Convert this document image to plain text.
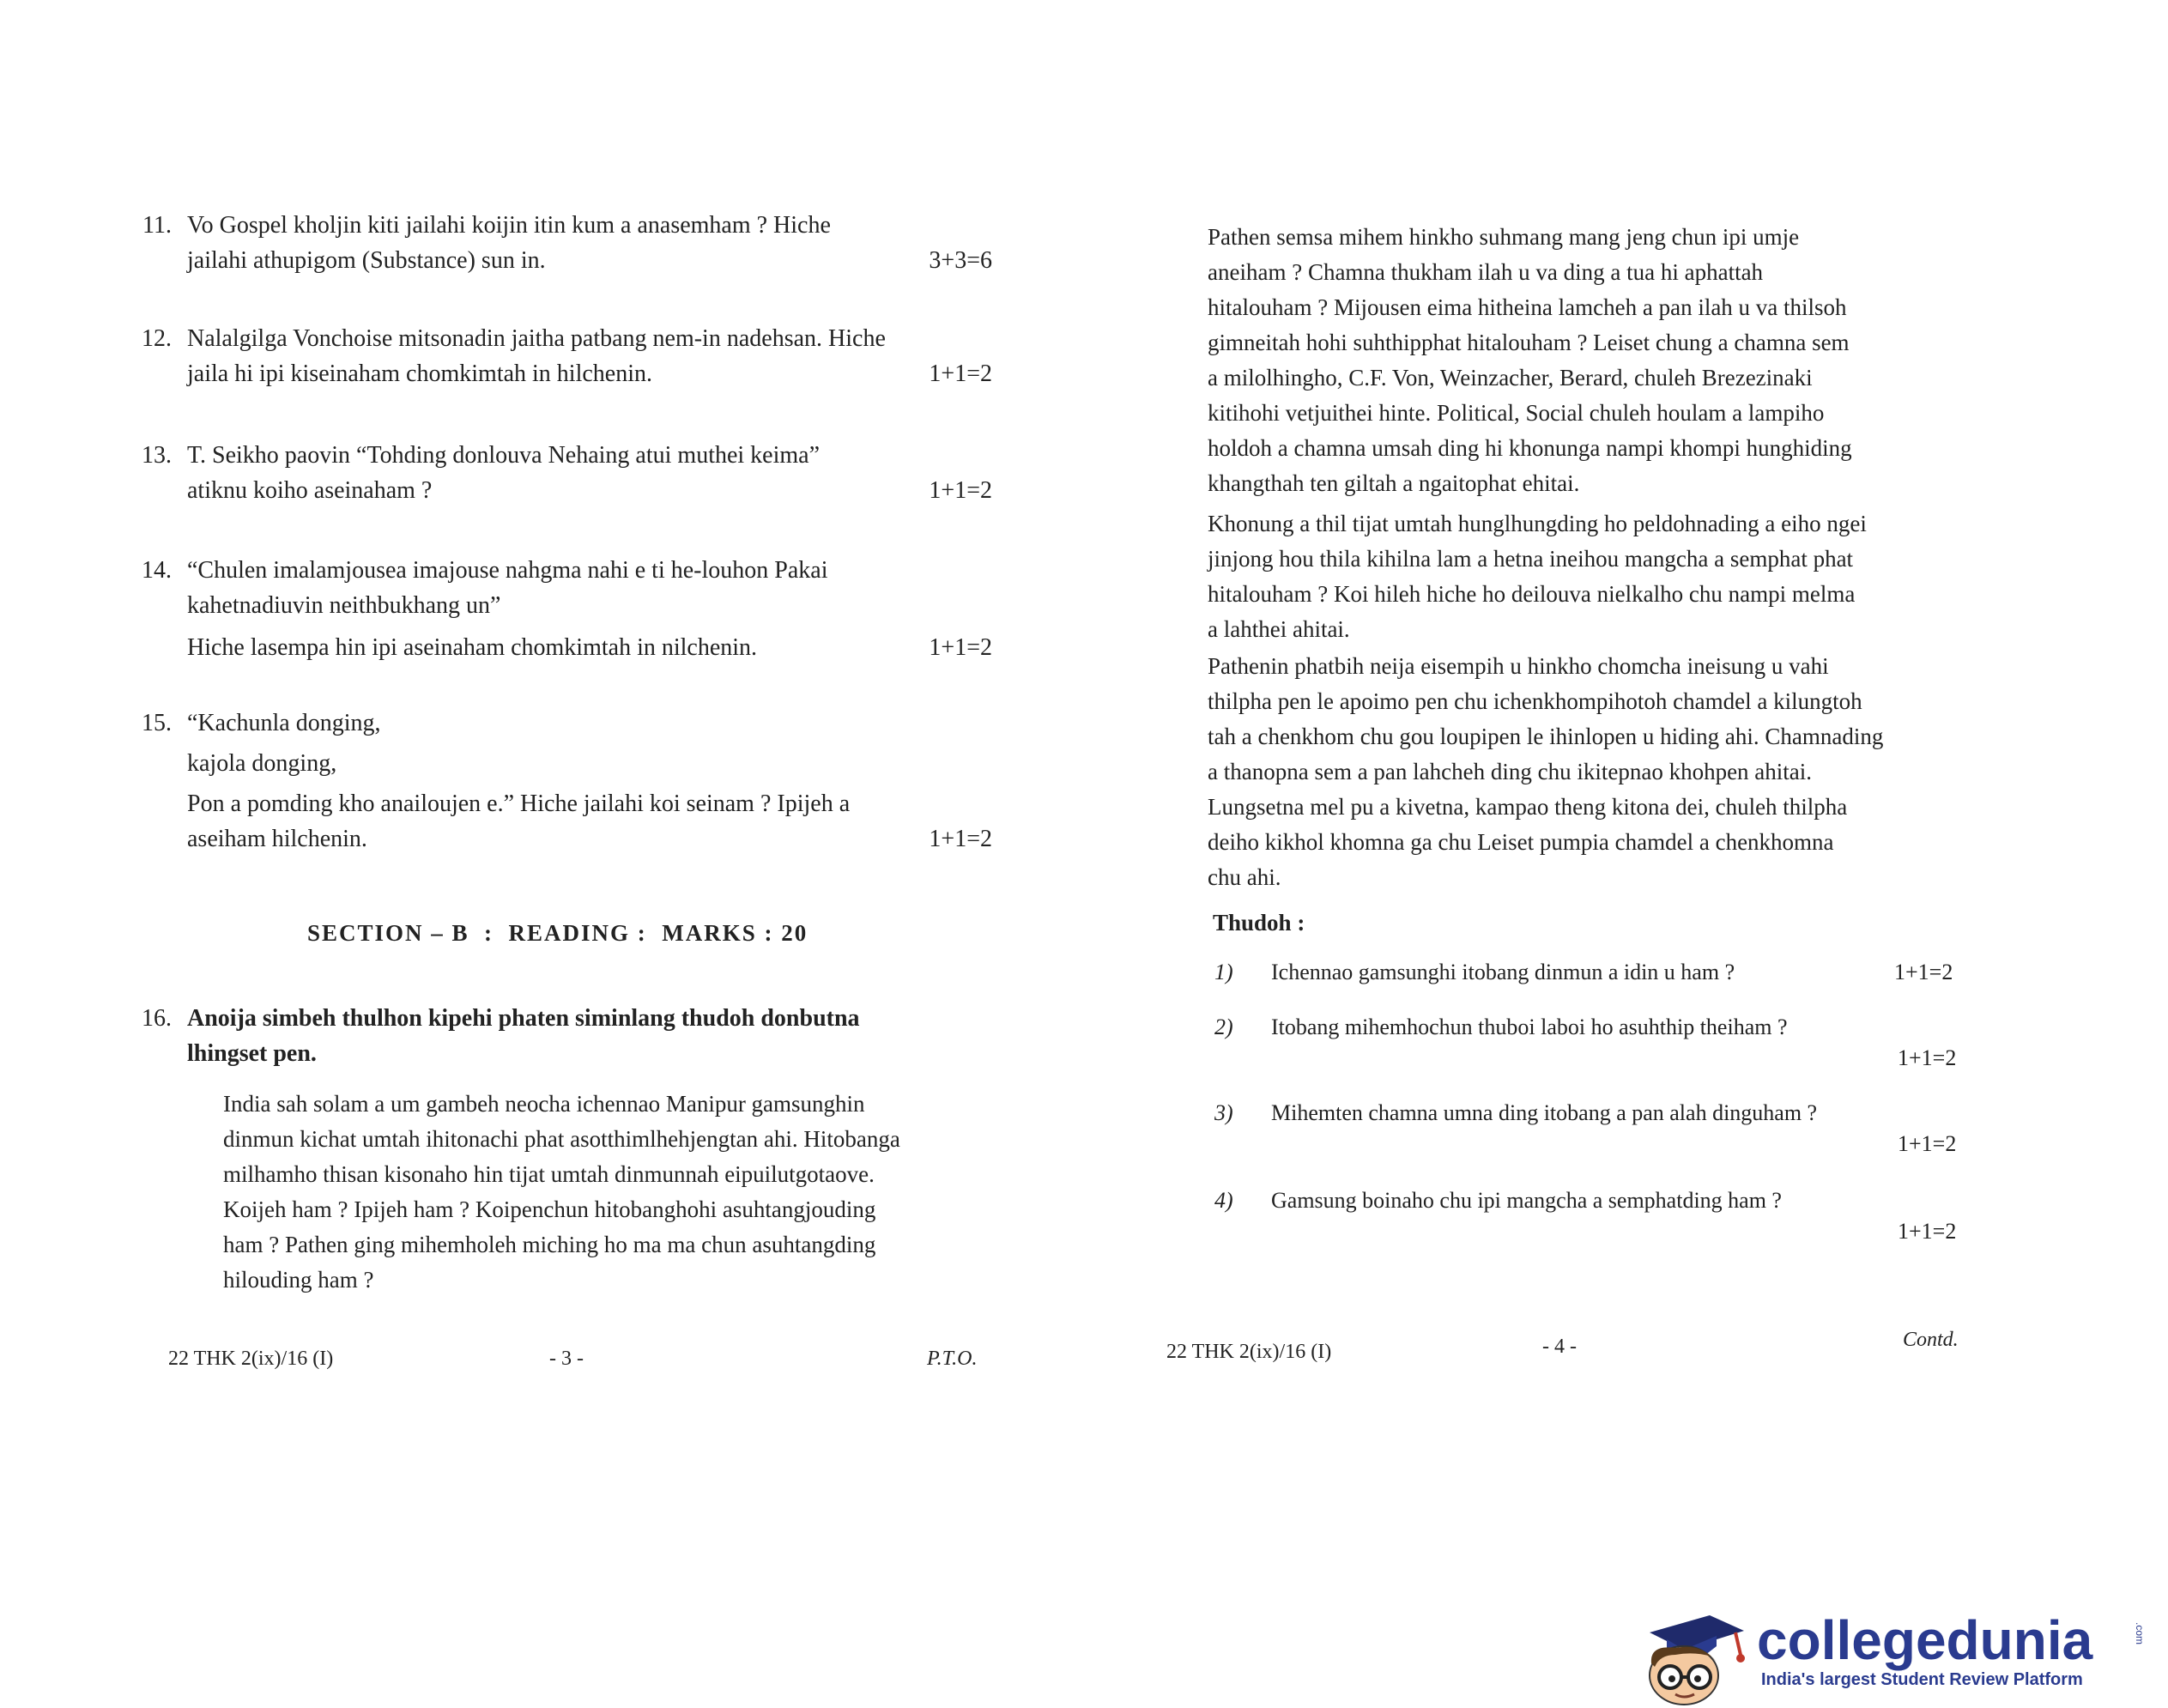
11. Vo Gospel kholjin kiti jailahi koijin itin kum a anasemham ? Hiche
jailahi athupigom (Substance) sun in.	3+3=6
12. Nalalgilga Vonchoise mitsonadin jaitha patbang nem-in nadehsan. Hiche
jaila hi ipi kiseinaham chomkimtah in hilchenin.	1+1=2
13. T. Seikho paovin “Tohding donlouva Nehaing atui muthei keima”
atiknu koiho aseinaham ?	1+1=2
14. “Chulen imalamjousea imajouse nahgma nahi e ti he-louhon Pakai
kahetnadiuvin neithbukhang un”
Hiche lasempa hin ipi aseinaham chomkimtah in nilchenin.	1+1=2
15. “Kachunla donging,
kajola donging,
Pon a pomding kho anailoujen e.” Hiche jailahi koi seinam ? Ipijeh a
aseiham hilchenin.	1+1=2
SECTION – B  :  READING :  MARKS : 20
16. Anoija simbeh thulhon kipehi phaten siminlang thudoh donbutna
lhingset pen.
India sah solam a um gambeh neocha ichennao Manipur gamsunghin
dinmun kichat umtah ihitonachi phat asotthimlhehjengtan ahi. Hitobanga
milhamho thisan kisonaho hin tijat umtah dinmunnah eipuilutgotaove.
Koijeh ham ? Ipijeh ham ? Koipenchun hitobanghohi asuhtangjouding
ham ? Pathen ging mihemholeh miching ho ma ma chun asuhtangding
hilouding ham ?
22 THK 2(ix)/16 (I)	- 3 -	P.T.O.
Pathen semsa mihem hinkho suhmang mang jeng chun ipi umje
aneiham ? Chamna thukham ilah u va ding a tua hi aphattah
hitalouham ? Mijousen eima hitheina lamcheh a pan ilah u va thilsoh
gimneitah hohi suhthipphat hitalouham ? Leiset chung a chamna sem
a milolhingho, C.F. Von, Weinzacher, Berard, chuleh Brezezinaki
kitihohi vetjuithei hinte. Political, Social chuleh houlam a lampiho
holdoh a chamna umsah ding hi khonunga nampi khompi hunghiding
khangthah ten giltah a ngaitophat ehitai.
Khonung a thil tijat umtah hunglhungding ho peldohnading a eiho ngei
jinjong hou thila kihilna lam a hetna ineihou mangcha a semphat phat
hitalouham ? Koi hileh hiche ho deilouva nielkalho chu nampi melma
a lahthei ahitai.
Pathenin phatbih neija eisempih u hinkho chomcha ineisung u vahi
thilpha pen le apoimo pen chu ichenkhompihotoh chamdel a kilungtoh
tah a chenkhom chu gou loupipen le ihinlopen u hiding ahi. Chamnading
a thanopna sem a pan lahcheh ding chu ikitepnao khohpen ahitai.
Lungsetna mel pu a kivetna, kampao theng kitona dei, chuleh thilpha
deiho kikhol khomna ga chu Leiset pumpia chamdel a chenkhomna
chu ahi.
Thudoh :
1) Ichennao gamsunghi itobang dinmun a idin u ham ?	1+1=2
2) Itobang mihemhochun thuboi laboi ho asuhthip theiham ?
1+1=2
3) Mihemten chamna umna ding itobang a pan alah dinguham ?
1+1=2
4) Gamsung boinaho chu ipi mangcha a semphatding ham ?
1+1=2
22 THK 2(ix)/16 (I)	- 4 -	Contd.
collegedunia	.com
India's largest Student Review Platform
